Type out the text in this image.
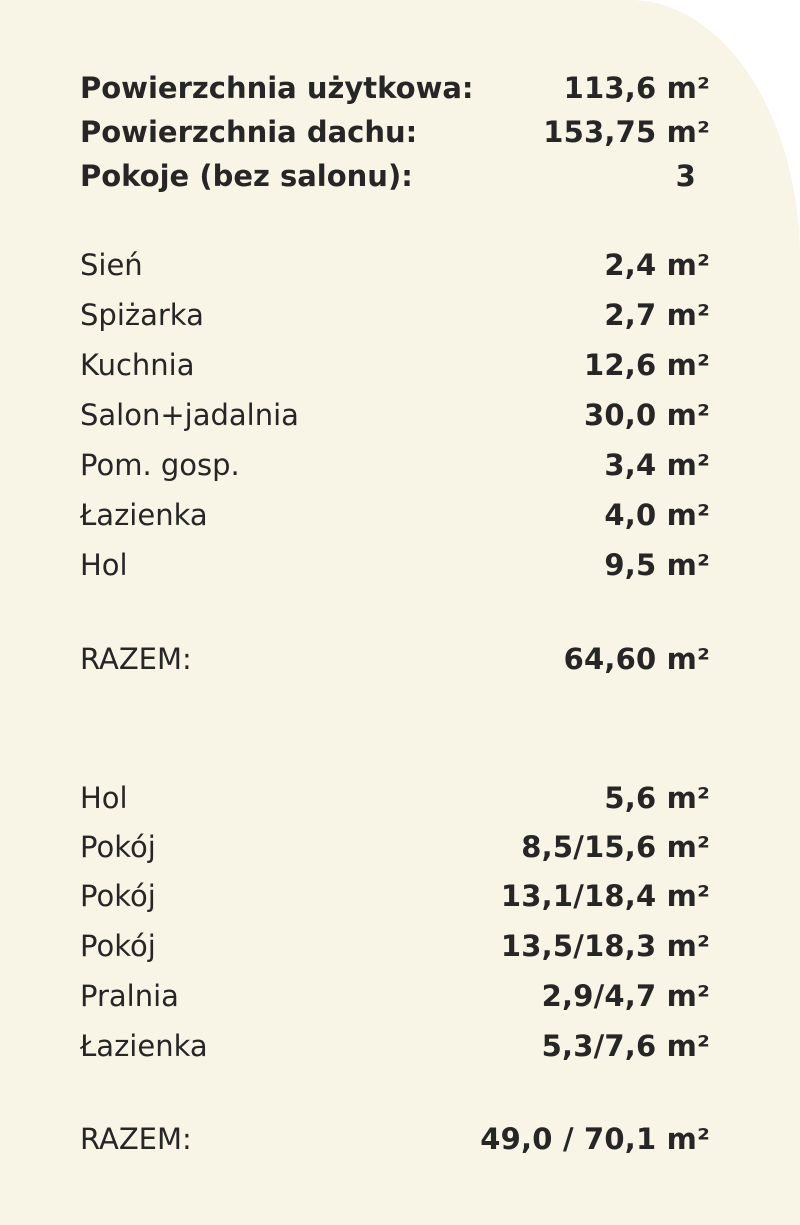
Powierzchnia użytkowa:	113,6 m²
Powierzchnia dachu:	153,75 m²
Pokoje (bez salonu):	3
Sień	2,4 m²
Spiżarka	2,7 m²
Kuchnia	12,6 m²
Salon+jadalnia	30,0 m²
Pom. gosp.	3,4 m²
Łazienka	4,0 m²
Hol	9,5 m²
RAZEM:	64,60 m²
Hol	5,6 m²
Pokój	8,5/15,6 m²
Pokój	13,1/18,4 m²
Pokój	13,5/18,3 m²
Pralnia	2,9/4,7 m²
Łazienka	5,3/7,6 m²
RAZEM:	49,0 / 70,1 m²
